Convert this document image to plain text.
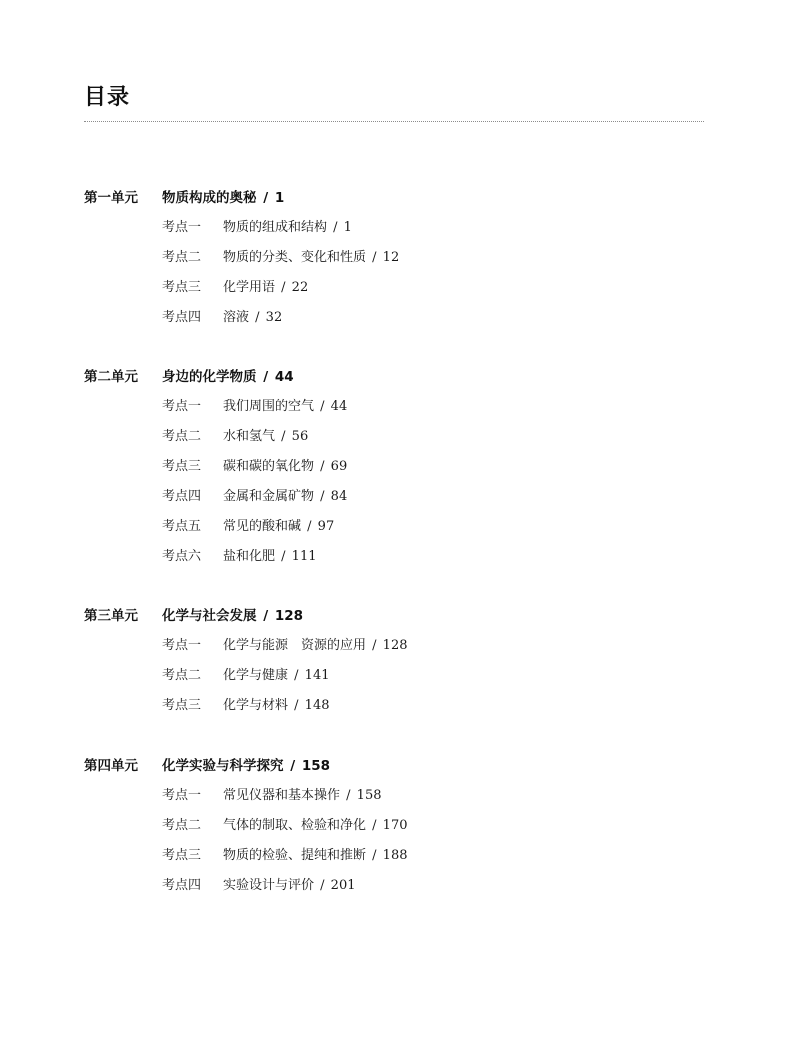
目录
第一单元 物质构成的奥秘 / 1
考点一 物质的组成和结构 / 1
考点二 物质的分类、变化和性质 / 12
考点三 化学用语 / 22
考点四 溶液 / 32
第二单元 身边的化学物质 / 44
考点一 我们周围的空气 / 44
考点二 水和氢气 / 56
考点三 碳和碳的氧化物 / 69
考点四 金属和金属矿物 / 84
考点五 常见的酸和碱 / 97
考点六 盐和化肥 / 111
第三单元 化学与社会发展 / 128
考点一 化学与能源　资源的应用 / 128
考点二 化学与健康 / 141
考点三 化学与材料 / 148
第四单元 化学实验与科学探究 / 158
考点一 常见仪器和基本操作 / 158
考点二 气体的制取、检验和净化 / 170
考点三 物质的检验、提纯和推断 / 188
考点四 实验设计与评价 / 201
